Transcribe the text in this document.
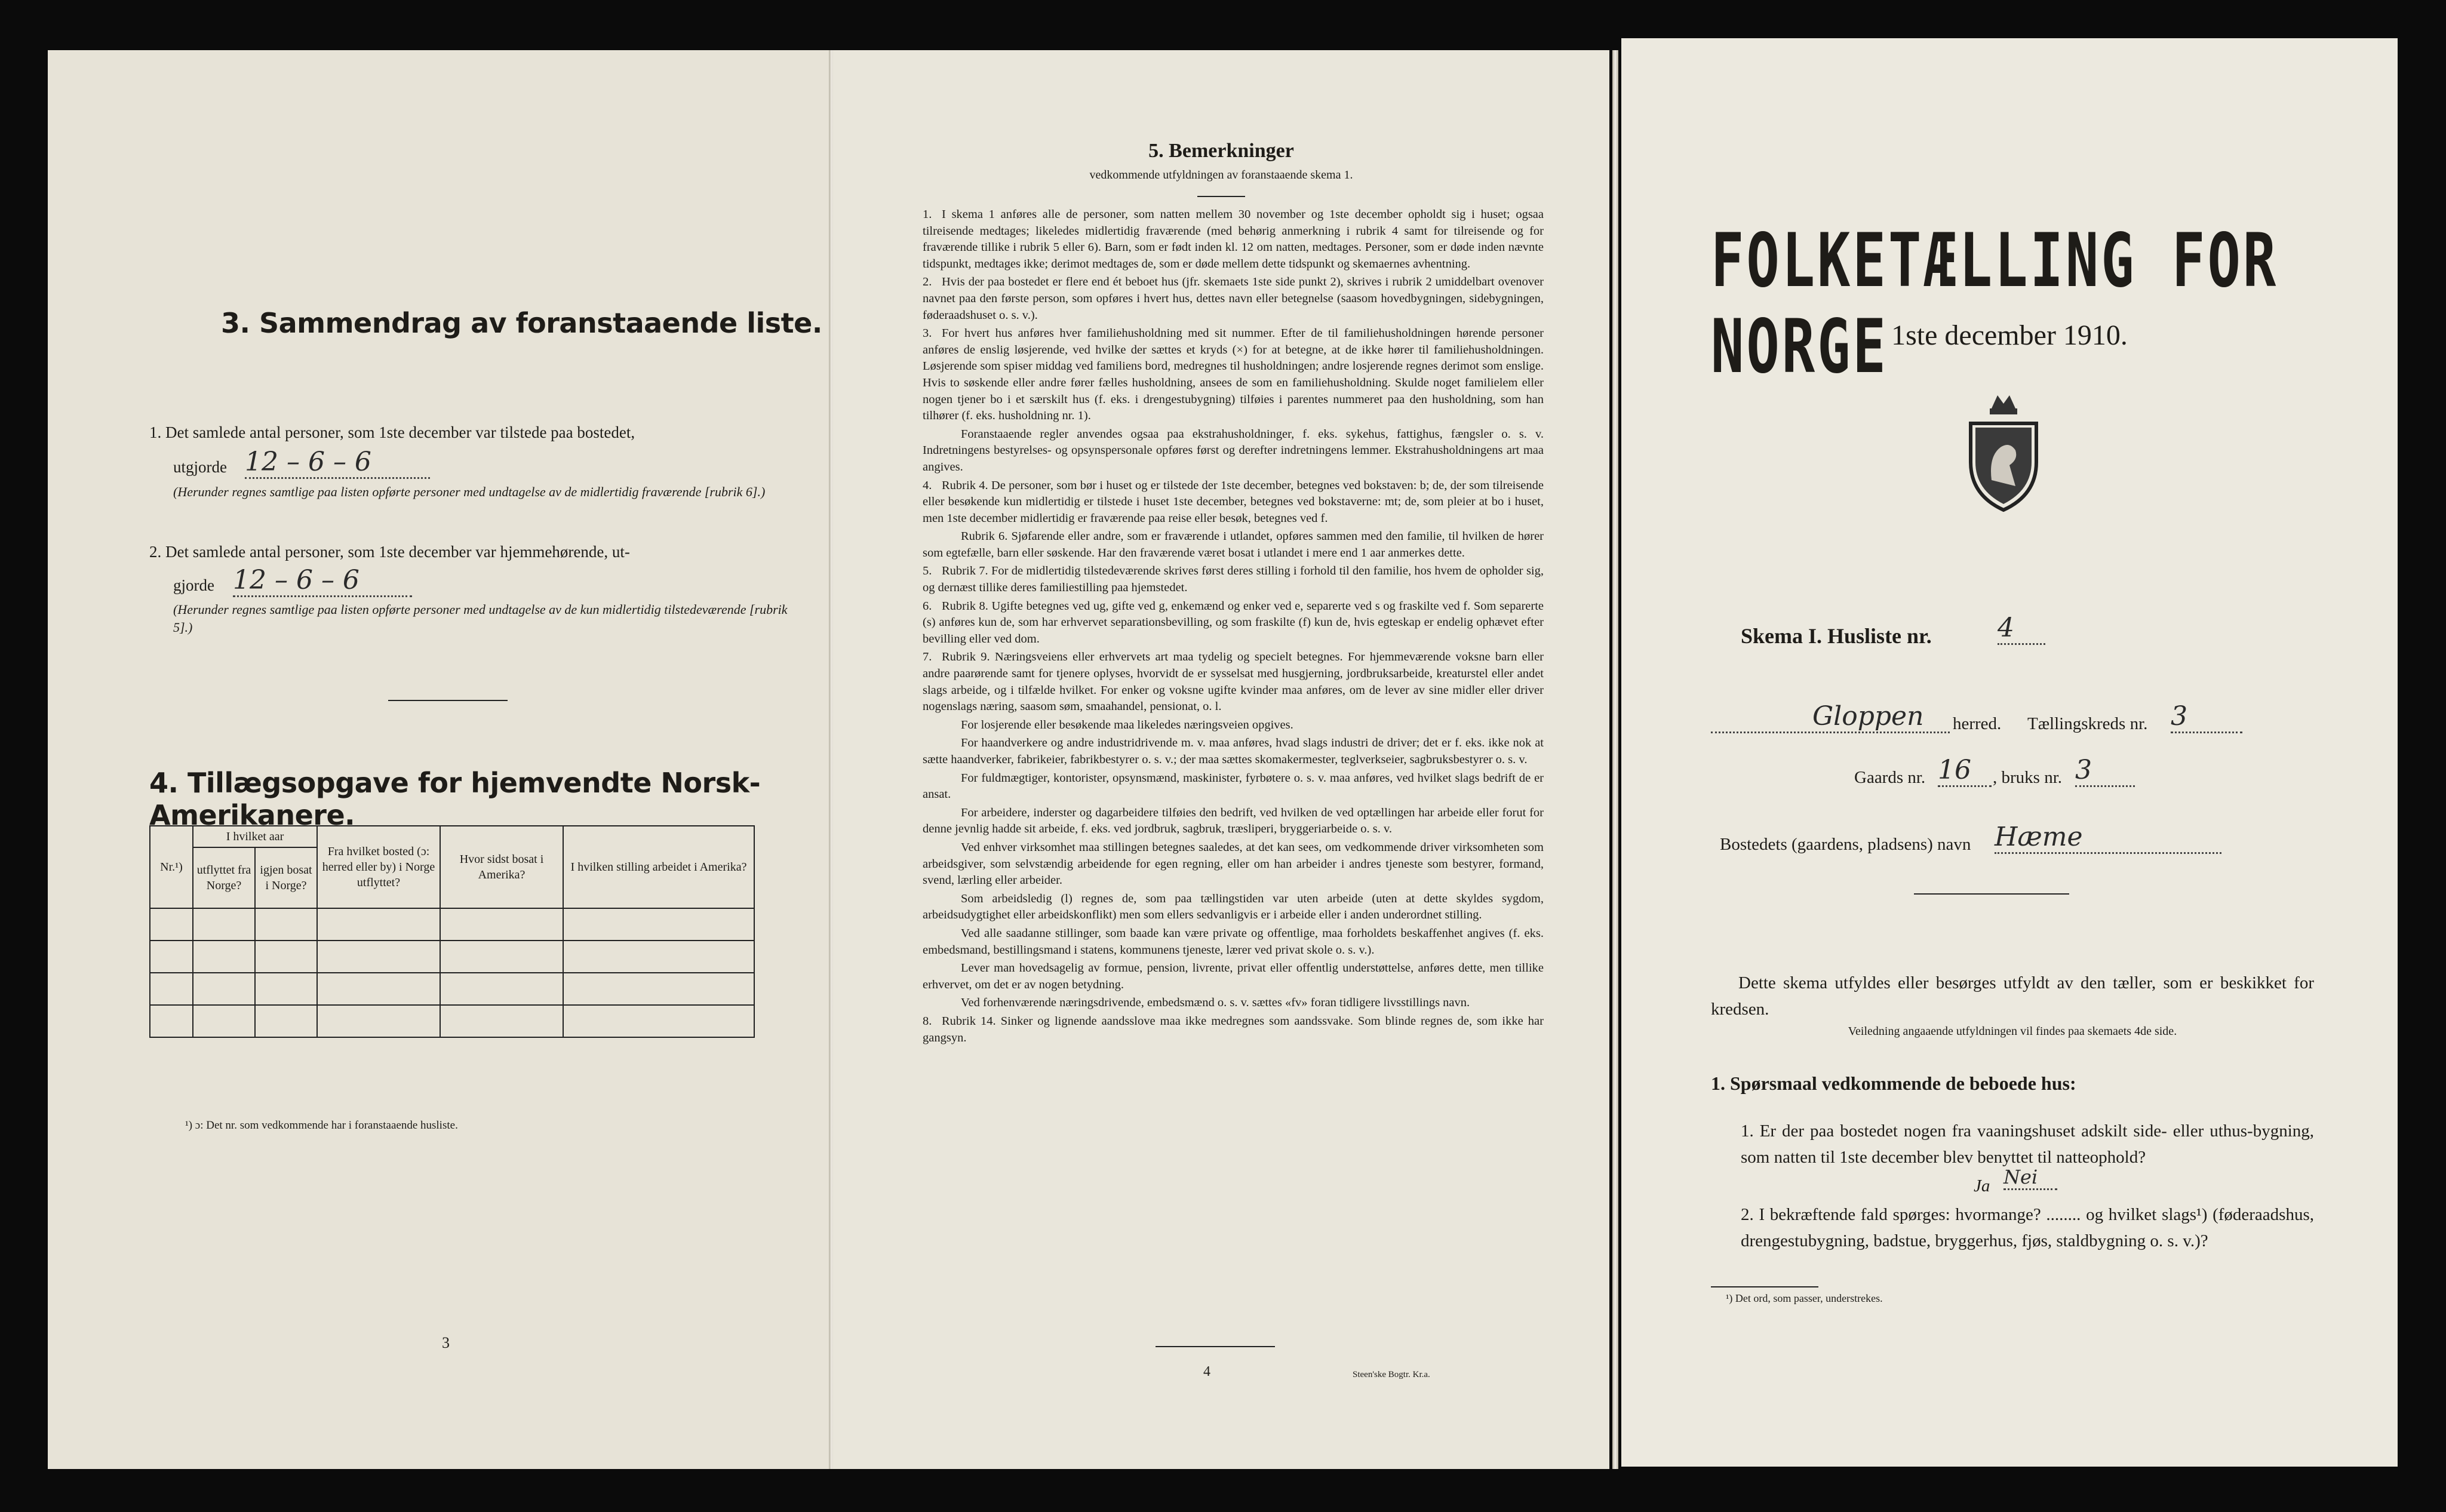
3. Sammendrag av foranstaaende liste.
1. Det samlede antal personer, som 1ste december var tilstede paa bostedet,
utgjorde 12 – 6 – 6
(Herunder regnes samtlige paa listen opførte personer med undtagelse av de midlertidig fraværende [rubrik 6].)
2. Det samlede antal personer, som 1ste december var hjemmehørende, ut-
gjorde 12 – 6 – 6
(Herunder regnes samtlige paa listen opførte personer med undtagelse av de kun midlertidig tilstedeværende [rubrik 5].)
4. Tillægsopgave for hjemvendte Norsk-Amerikanere.
Nr.¹)	I hvilket aar		Fra hvilket bosted (ɔ: herred eller by) i Norge utflyttet?	Hvor sidst bosat i Amerika?	I hvilken stilling arbeidet i Amerika?
	utflyttet fra Norge?	igjen bosat i Norge?			

¹) ɔ: Det nr. som vedkommende har i foranstaaende husliste.
3
5. Bemerkninger
vedkommende utfyldningen av foranstaaende skema 1.
1. I skema 1 anføres alle de personer, som natten mellem 30 november og 1ste december opholdt sig i huset; ogsaa tilreisende medtages; likeledes midlertidig fraværende (med behørig anmerkning i rubrik 4 samt for tilreisende og for fraværende tillike i rubrik 5 eller 6). Barn, som er født inden kl. 12 om natten, medtages. Personer, som er døde inden nævnte tidspunkt, medtages ikke; derimot medtages de, som er døde mellem dette tidspunkt og skemaernes avhentning.
2. Hvis der paa bostedet er flere end ét beboet hus (jfr. skemaets 1ste side punkt 2), skrives i rubrik 2 umiddelbart ovenover navnet paa den første person, som opføres i hvert hus, dettes navn eller betegnelse (saasom hovedbygningen, sidebygningen, føderaadshuset o. s. v.).
3. For hvert hus anføres hver familiehusholdning med sit nummer. Efter de til familiehusholdningen hørende personer anføres de enslig løsjerende, ved hvilke der sættes et kryds (×) for at betegne, at de ikke hører til familiehusholdningen. Løsjerende som spiser middag ved familiens bord, medregnes til husholdningen; andre losjerende regnes derimot som enslige. Hvis to søskende eller andre fører fælles husholdning, ansees de som en familiehusholdning. Skulde noget familielem eller nogen tjener bo i et særskilt hus (f. eks. i drengestubygning) tilføies i parentes nummeret paa den husholdning, som han tilhører (f. eks. husholdning nr. 1).
Foranstaaende regler anvendes ogsaa paa ekstrahusholdninger, f. eks. sykehus, fattighus, fængsler o. s. v. Indretningens bestyrelses- og opsynspersonale opføres først og derefter indretningens lemmer. Ekstrahusholdningens art maa angives.
4. Rubrik 4. De personer, som bør i huset og er tilstede der 1ste december, betegnes ved bokstaven: b; de, der som tilreisende eller besøkende kun midlertidig er tilstede i huset 1ste december, betegnes ved bokstaverne: mt; de, som pleier at bo i huset, men 1ste december midlertidig er fraværende paa reise eller besøk, betegnes ved f.
Rubrik 6. Sjøfarende eller andre, som er fraværende i utlandet, opføres sammen med den familie, til hvilken de hører som egtefælle, barn eller søskende. Har den fraværende været bosat i utlandet i mere end 1 aar anmerkes dette.
5. Rubrik 7. For de midlertidig tilstedeværende skrives først deres stilling i forhold til den familie, hos hvem de opholder sig, og dernæst tillike deres familiestilling paa hjemstedet.
6. Rubrik 8. Ugifte betegnes ved ug, gifte ved g, enkemænd og enker ved e, separerte ved s og fraskilte ved f. Som separerte (s) anføres kun de, som har erhvervet separationsbevilling, og som fraskilte (f) kun de, hvis egteskap er endelig ophævet efter bevilling eller ved dom.
7. Rubrik 9. Næringsveiens eller erhvervets art maa tydelig og specielt betegnes. For hjemmeværende voksne barn eller andre paarørende samt for tjenere oplyses, hvorvidt de er sysselsat med husgjerning, jordbruksarbeide, kreaturstel eller andet slags arbeide, og i tilfælde hvilket. For enker og voksne ugifte kvinder maa anføres, om de lever av sine midler eller driver nogenslags næring, saasom søm, smaahandel, pensionat, o. l.
For losjerende eller besøkende maa likeledes næringsveien opgives.
For haandverkere og andre industridrivende m. v. maa anføres, hvad slags industri de driver; det er f. eks. ikke nok at sætte haandverker, fabrikeier, fabrikbestyrer o. s. v.; der maa sættes skomakermester, teglverkseier, sagbruksbestyrer o. s. v.
For fuldmægtiger, kontorister, opsynsmænd, maskinister, fyrbøtere o. s. v. maa anføres, ved hvilket slags bedrift de er ansat.
For arbeidere, inderster og dagarbeidere tilføies den bedrift, ved hvilken de ved optællingen har arbeide eller forut for denne jevnlig hadde sit arbeide, f. eks. ved jordbruk, sagbruk, træsliperi, bryggeriarbeide o. s. v.
Ved enhver virksomhet maa stillingen betegnes saaledes, at det kan sees, om vedkommende driver virksomheten som arbeidsgiver, som selvstændig arbeidende for egen regning, eller om han arbeider i andres tjeneste som bestyrer, formand, svend, lærling eller arbeider.
Som arbeidsledig (l) regnes de, som paa tællingstiden var uten arbeide (uten at dette skyldes sygdom, arbeidsudygtighet eller arbeidskonflikt) men som ellers sedvanligvis er i arbeide eller i anden underordnet stilling.
Ved alle saadanne stillinger, som baade kan være private og offentlige, maa forholdets beskaffenhet angives (f. eks. embedsmand, bestillingsmand i statens, kommunens tjeneste, lærer ved privat skole o. s. v.).
Lever man hovedsagelig av formue, pension, livrente, privat eller offentlig understøttelse, anføres dette, men tillike erhvervet, om det er av nogen betydning.
Ved forhenværende næringsdrivende, embedsmænd o. s. v. sættes «fv» foran tidligere livsstillings navn.
8. Rubrik 14. Sinker og lignende aandsslove maa ikke medregnes som aandssvake. Som blinde regnes de, som ikke har gangsyn.
4	Steen'ske Bogtr. Kr.a.
FOLKETÆLLING FOR NORGE 1ste december 1910.
Skema I. Husliste nr.	4
Gloppen	herred. Tællingskreds nr. 3
Gaards nr. 16	, bruks nr. 3
Bostedets (gaardens, pladsens) navn Hæme
Dette skema utfyldes eller besørges utfyldt av den tæller, som er beskikket for kredsen.
Veiledning angaaende utfyldningen vil findes paa skemaets 4de side.
1. Spørsmaal vedkommende de beboede hus:
1. Er der paa bostedet nogen fra vaaningshuset adskilt side- eller uthus-bygning, som natten til 1ste december blev benyttet til natteophold?
Ja Nei
2. I bekræftende fald spørges: hvormange? ........ og hvilket slags¹) (føderaadshus, drengestubygning, badstue, bryggerhus, fjøs, staldbygning o. s. v.)?
¹) Det ord, som passer, understrekes.
